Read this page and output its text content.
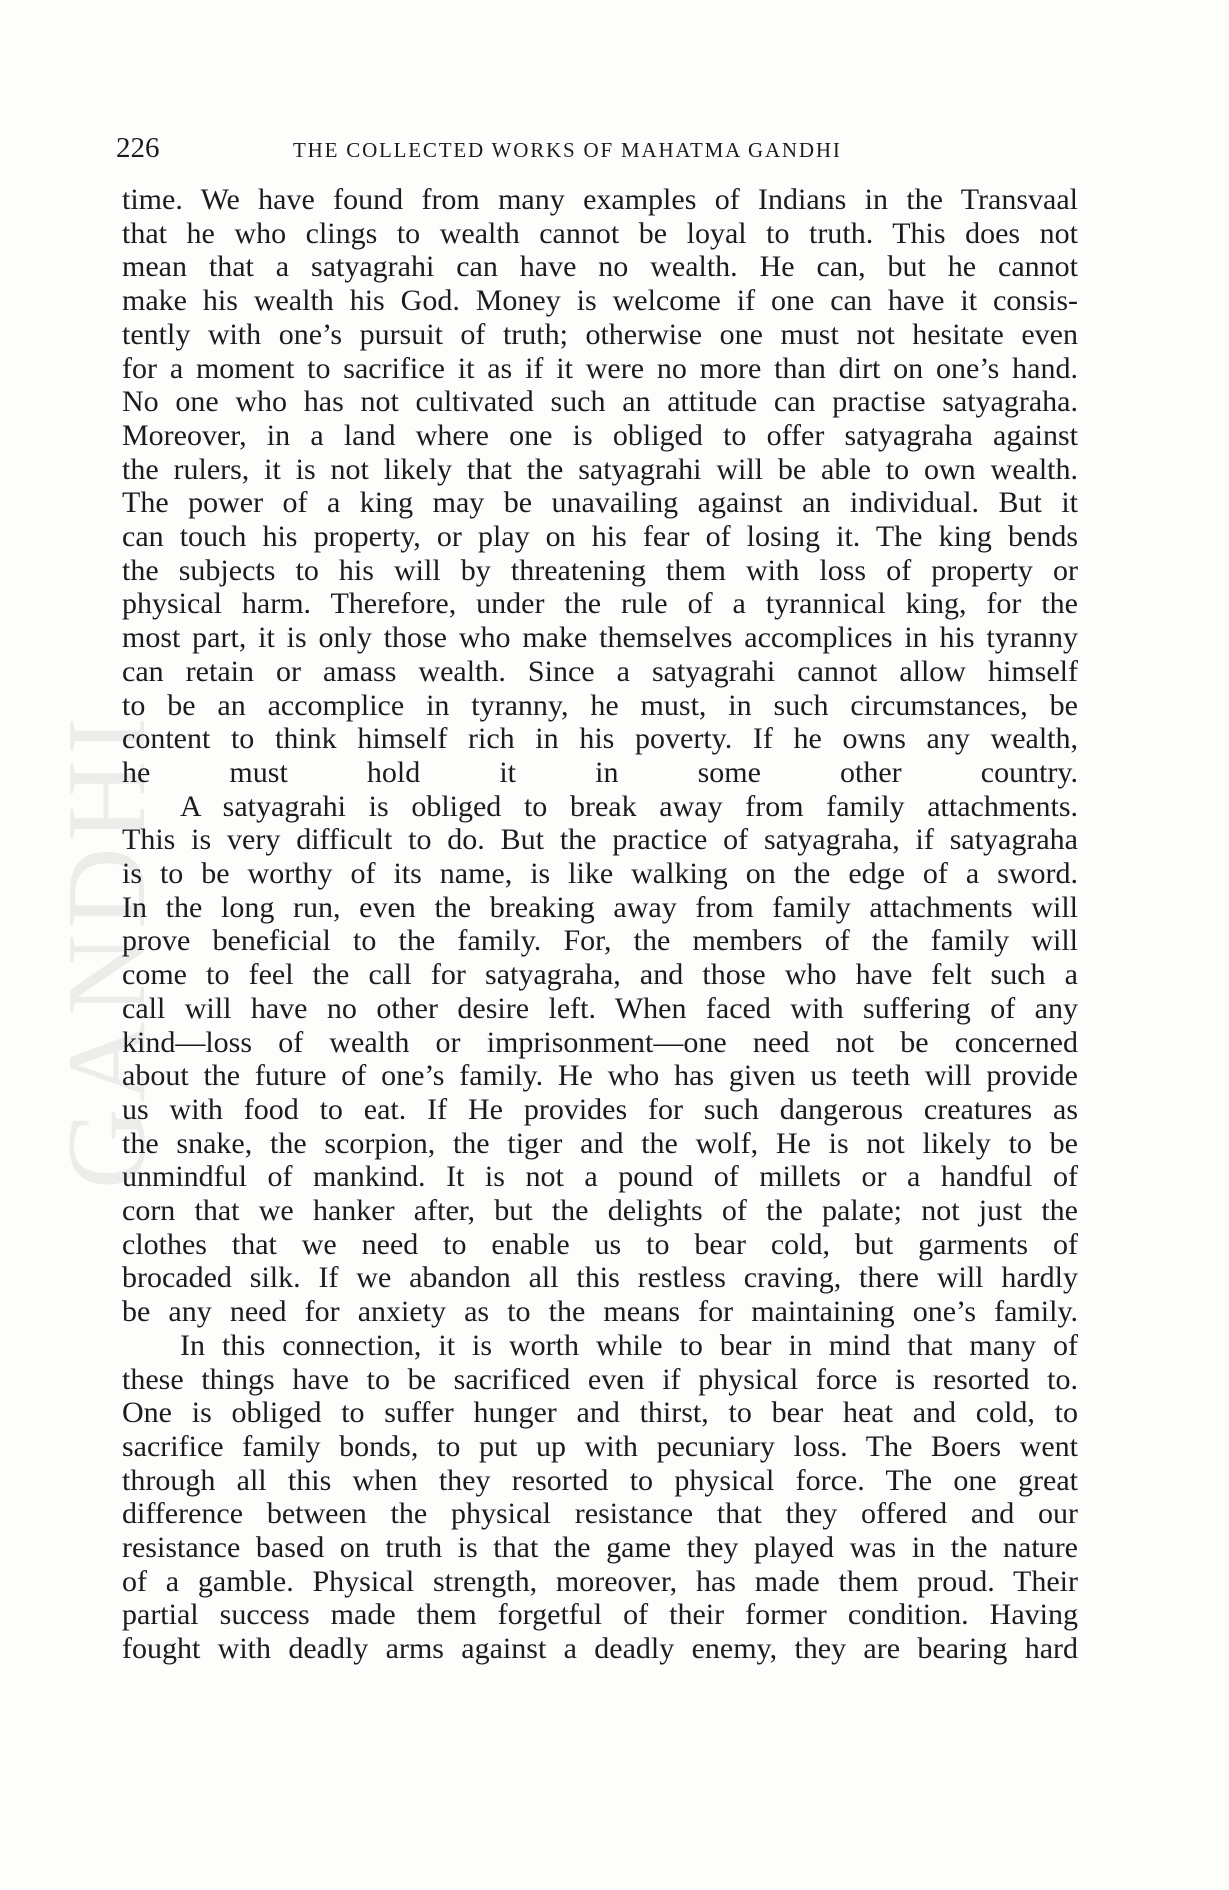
GANDHI
226	THE COLLECTED WORKS OF MAHATMA GANDHI
time. We have found from many examples of Indians in the Transvaal
that he who clings to wealth cannot be loyal to truth. This does not
mean that a satyagrahi can have no wealth. He can, but he cannot
make his wealth his God. Money is welcome if one can have it consis-
tently with one’s pursuit of truth; otherwise one must not hesitate even
for a moment to sacrifice it as if it were no more than dirt on one’s hand.
No one who has not cultivated such an attitude can practise satyagraha.
Moreover, in a land where one is obliged to offer satyagraha against
the rulers, it is not likely that the satyagrahi will be able to own wealth.
The power of a king may be unavailing against an individual. But it
can touch his property, or play on his fear of losing it. The king bends
the subjects to his will by threatening them with loss of property or
physical harm. Therefore, under the rule of a tyrannical king, for the
most part, it is only those who make themselves accomplices in his tyranny
can retain or amass wealth. Since a satyagrahi cannot allow himself
to be an accomplice in tyranny, he must, in such circumstances, be
content to think himself rich in his poverty. If he owns any wealth,
he must hold it in some other country.
A satyagrahi is obliged to break away from family attachments.
This is very difficult to do. But the practice of satyagraha, if satyagraha
is to be worthy of its name, is like walking on the edge of a sword.
In the long run, even the breaking away from family attachments will
prove beneficial to the family. For, the members of the family will
come to feel the call for satyagraha, and those who have felt such a
call will have no other desire left. When faced with suffering of any
kind—loss of wealth or imprisonment—one need not be concerned
about the future of one’s family. He who has given us teeth will provide
us with food to eat. If He provides for such dangerous creatures as
the snake, the scorpion, the tiger and the wolf, He is not likely to be
unmindful of mankind. It is not a pound of millets or a handful of
corn that we hanker after, but the delights of the palate; not just the
clothes that we need to enable us to bear cold, but garments of
brocaded silk. If we abandon all this restless craving, there will hardly
be any need for anxiety as to the means for maintaining one’s family.
In this connection, it is worth while to bear in mind that many of
these things have to be sacrificed even if physical force is resorted to.
One is obliged to suffer hunger and thirst, to bear heat and cold, to
sacrifice family bonds, to put up with pecuniary loss. The Boers went
through all this when they resorted to physical force. The one great
difference between the physical resistance that they offered and our
resistance based on truth is that the game they played was in the nature
of a gamble. Physical strength, moreover, has made them proud. Their
partial success made them forgetful of their former condition. Having
fought with deadly arms against a deadly enemy, they are bearing hard
